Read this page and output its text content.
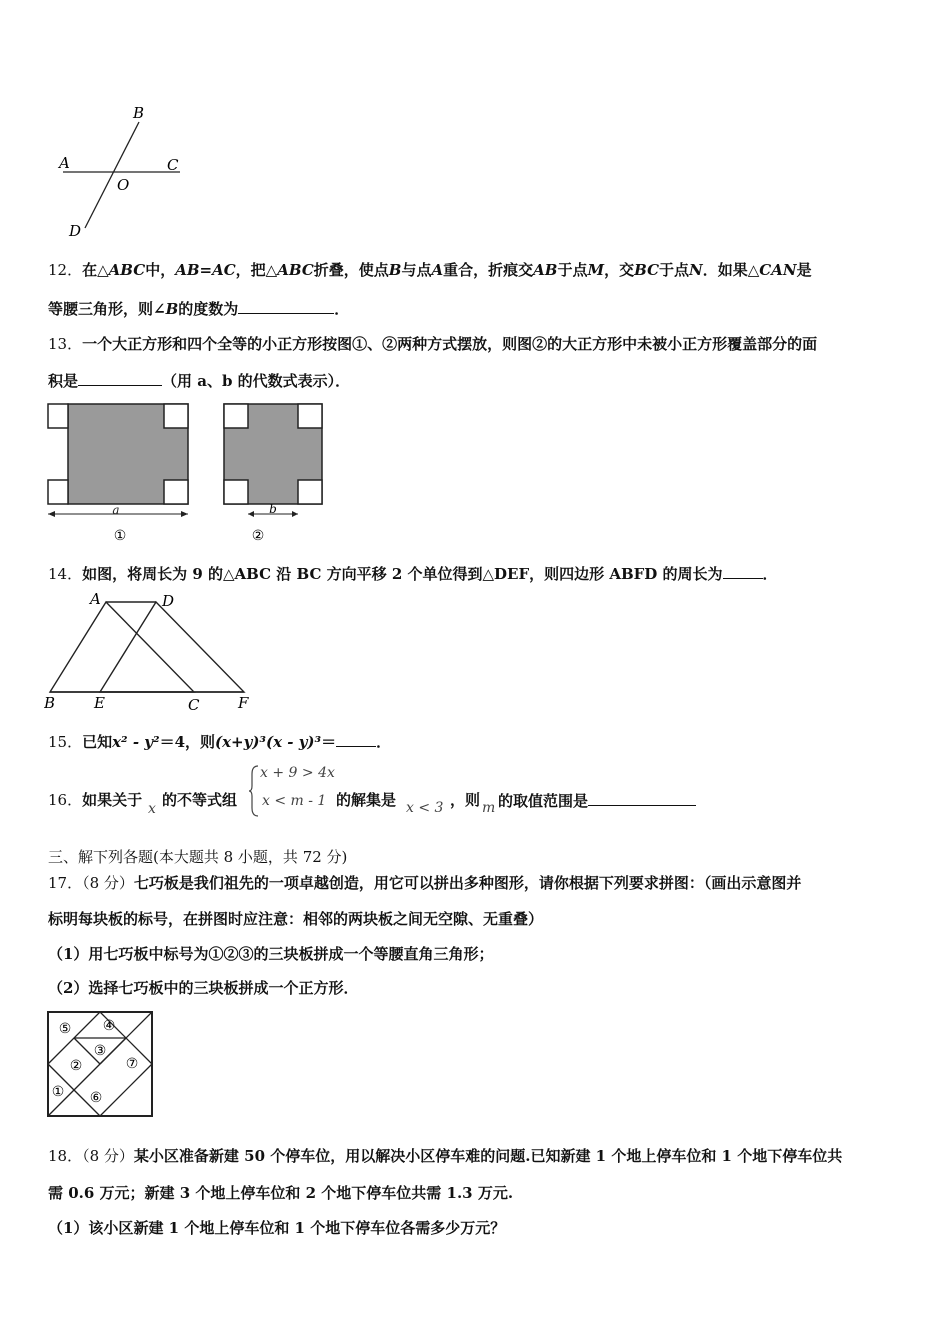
B
A	C
O
D
12．在△ABC中，AB=AC，把△ABC折叠，使点B与点A重合，折痕交AB于点M，交BC于点N．如果△CAN是
等腰三角形，则∠B的度数为	．
13．一个大正方形和四个全等的小正方形按图①、②两种方式摆放，则图②的大正方形中未被小正方形覆盖部分的面
积是	（用 a、b 的代数式表示）．
a
①
b
②
14．如图，将周长为 9 的△ABC 沿 BC 方向平移 2 个单位得到△DEF，则四边形 ABFD 的周长为	．
A	D
B	E	C	F
15．已知x² - y²＝4，则(x+y)³(x - y)³＝	．
16．如果关于 x 的不等式组
x + 9 > 4x
x < m - 1 的解集是 x < 3 ，则 m 的取值范围是
三、解下列各题(本大题共 8 小题，共 72 分)
17．（8 分）七巧板是我们祖先的一项卓越创造，用它可以拼出多种图形，请你根据下列要求拼图：（画出示意图并
标明每块板的标号，在拼图时应注意：相邻的两块板之间无空隙、无重叠）
（1）用七巧板中标号为①②③的三块板拼成一个等腰直角三角形；
（2）选择七巧板中的三块板拼成一个正方形．
⑤ ④
③
②	⑦
① ⑥
18．（8 分）某小区准备新建 50 个停车位，用以解决小区停车难的问题.已知新建 1 个地上停车位和 1 个地下停车位共
需 0.6 万元；新建 3 个地上停车位和 2 个地下停车位共需 1.3 万元.
（1）该小区新建 1 个地上停车位和 1 个地下停车位各需多少万元？
